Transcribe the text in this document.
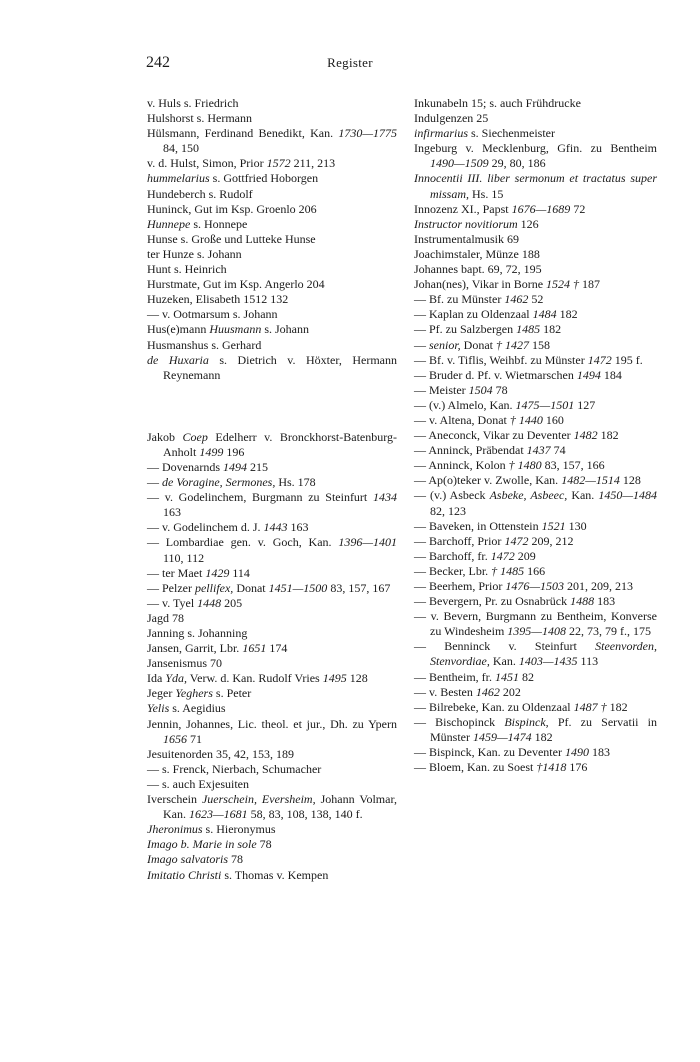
242	Register

v. Huls s. Friedrich

Hulshorst s. Hermann

Hülsmann, Ferdinand Benedikt, Kan. 1730—1775 84, 150

v. d. Hulst, Simon, Prior 1572 211, 213

hummelarius s. Gottfried Hoborgen

Hundeberch s. Rudolf

Huninck, Gut im Ksp. Groenlo 206

Hunnepe s. Honnepe

Hunse s. Große und Lutteke Hunse

ter Hunze s. Johann

Hunt s. Heinrich

Hurstmate, Gut im Ksp. Angerlo 204

Huzeken, Elisabeth 1512 132

— v. Ootmarsum s. Johann

Hus(e)mann Huusmann s. Johann

Husmanshus s. Gerhard

de Huxaria s. Dietrich v. Höxter, Hermann Reynemann

Jakob Coep Edelherr v. Bronckhorst-Batenburg-Anholt 1499 196

— Dovenarnds 1494 215

— de Voragine, Sermones, Hs. 178

— v. Godelinchem, Burgmann zu Steinfurt 1434 163

— v. Godelinchem d. J. 1443 163

— Lombardiae gen. v. Goch, Kan. 1396—1401 110, 112

— ter Maet 1429 114

— Pelzer pellifex, Donat 1451—1500 83, 157, 167

— v. Tyel 1448 205

Jagd 78

Janning s. Johanning

Jansen, Garrit, Lbr. 1651 174

Jansenismus 70

Ida Yda, Verw. d. Kan. Rudolf Vries 1495 128

Jeger Yeghers s. Peter

Yelis s. Aegidius

Jennin, Johannes, Lic. theol. et jur., Dh. zu Ypern 1656 71

Jesuitenorden 35, 42, 153, 189

— s. Frenck, Nierbach, Schumacher

— s. auch Exjesuiten

Iverschein Juerschein, Eversheim, Johann Volmar, Kan. 1623—1681 58, 83, 108, 138, 140 f.

Jheronimus s. Hieronymus

Imago b. Marie in sole 78

Imago salvatoris 78

Imitatio Christi s. Thomas v. Kempen

Inkunabeln 15; s. auch Frühdrucke

Indulgenzen 25

infirmarius s. Siechenmeister

Ingeburg v. Mecklenburg, Gfin. zu Bentheim 1490—1509 29, 80, 186

Innocentii III. liber sermonum et tractatus super missam, Hs. 15

Innozenz XI., Papst 1676—1689 72

Instructor novitiorum 126

Instrumentalmusik 69

Joachimstaler, Münze 188

Johannes bapt. 69, 72, 195

Johan(nes), Vikar in Borne 1524 † 187

— Bf. zu Münster 1462 52

— Kaplan zu Oldenzaal 1484 182

— Pf. zu Salzbergen 1485 182

— senior, Donat † 1427 158

— Bf. v. Tiflis, Weihbf. zu Münster 1472 195 f.

— Bruder d. Pf. v. Wietmarschen 1494 184

— Meister 1504 78

— (v.) Almelo, Kan. 1475—1501 127

— v. Altena, Donat † 1440 160

— Aneconck, Vikar zu Deventer 1482 182

— Anninck, Präbendat 1437 74

— Anninck, Kolon † 1480 83, 157, 166

— Ap(o)teker v. Zwolle, Kan. 1482—1514 128

— (v.) Asbeck Asbeke, Asbeec, Kan. 1450—1484 82, 123

— Baveken, in Ottenstein 1521 130

— Barchoff, Prior 1472 209, 212

— Barchoff, fr. 1472 209

— Becker, Lbr. † 1485 166

— Beerhem, Prior 1476—1503 201, 209, 213

— Bevergern, Pr. zu Osnabrück 1488 183

— v. Bevern, Burgmann zu Bentheim, Konverse zu Windesheim 1395—1408 22, 73, 79 f., 175

— Benninck v. Steinfurt Steenvorden, Stenvordiae, Kan. 1403—1435 113

— Bentheim, fr. 1451 82

— v. Besten 1462 202

— Bilrebeke, Kan. zu Oldenzaal 1487 † 182

— Bischopinck Bispinck, Pf. zu Servatii in Münster 1459—1474 182

— Bispinck, Kan. zu Deventer 1490 183

— Bloem, Kan. zu Soest †1418 176
